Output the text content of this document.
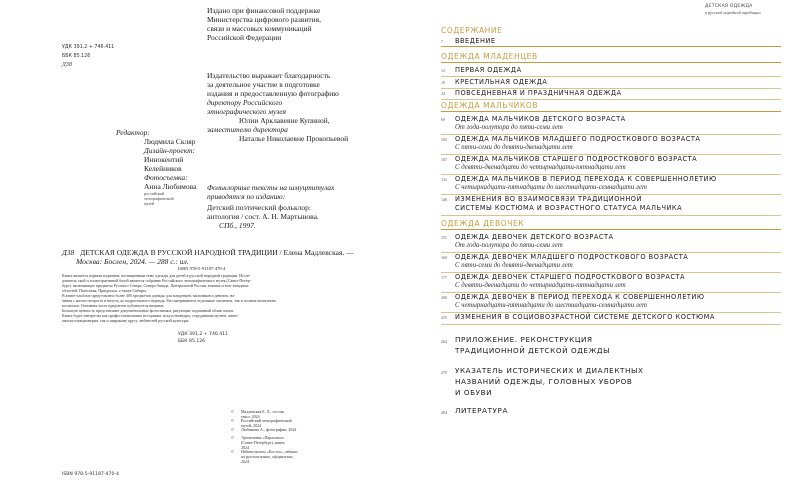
Издано при финансовой поддержке
Министерства цифрового развития,
связи и массовых коммуникаций
Российской Федерации
УДК 391.2 + 746.411
ББК 85.126
Д38
Издательство выражает благодарность
за деятельное участие в подготовке
издания и предоставленную фотографию
директору Российского
этнографического музея
Юлии Арклавевне Купиной,
заместителю директора
Наталье Николаевне Прокопьевой
Редактор:
Людмила Скляр
Дизайн-проект:
Иннокентий Келейников
Фотосъемка:
Анна Любимова
российский
этнографический
музей
Фольклорные тексты на шмуцтитулах
приводятся по изданию:
Детский поэтический фольклор:
антология / сост. А. Н. Мартынова.
СПб., 1997.
Д38 ДЕТСКАЯ ОДЕЖДА В РУССКОЙ НАРОДНОЙ ТРАДИЦИИ / Елена Мадлевская. —
Москва: Бослен, 2024. — 288 с.: ил.
ISBN 978-5-91187-470-4
Книга является первым изданием, посвященным теме одежды для детей в русской народной традиции. Иссле-
дователь ской и иллюстративной базой является собрание Российского этнографического музея (Санкт-Петер-
бург), включающее предметы Русского Севера, Северо-Запада, Центральной России, южных и юго-западных
областей, Поволжья, Приуралья, а также Сибири.
В книге-альбоме представлено более 300 предметов одежды для младенцев, мальчиков и девочек, на-
чиная с малого возраста и вплоть до подросткового периода. Рассматриваются отдельные элементы, так и полные комплекты
костюмов. Основная часть предметов публикуется впервые.
Большую ценность представляют документальные фотоснимки, рисующие подлинный облик эпохи.
Книга будет интересна как профессиональным историкам, искусствоведам, сотрудникам музеев, анато-
мам-коллекционерам, так и широкому кругу любителей русской культуры.
УДК 391.2 + 746.411
ББК 85.126
© Мадлевская Е. Л., состав,
текст, 2024

© Российский этнографический
музей, 2024

© Любимова А., фотографии, 2024
© Эргономика «Паралакса»
(Санкт-Петербург), макет,
2024

© Издательство «Бослен», издание
на русском языке, оформление,
2024
ISBN 978-5-91187-470-4
ДЕТСКАЯ ОДЕЖДА
в русской народной традиции
СОДЕРЖАНИЕ
7 ВВЕДЕНИЕ
ОДЕЖДА МЛАДЕНЦЕВ
12 ПЕРВАЯ ОДЕЖДА
19 КРЕСТИЛЬНАЯ ОДЕЖДА
24 ПОВСЕДНЕВНАЯ И ПРАЗДНИЧНАЯ ОДЕЖДА
ОДЕЖДА МАЛЬЧИКОВ
69 ОДЕЖДА МАЛЬЧИКОВ ДЕТСКОГО ВОЗРАСТА
От года-полутора до пяти-семи лет
102 ОДЕЖДА МАЛЬЧИКОВ МЛАДШЕГО ПОДРОСТКОВОГО ВОЗРАСТА
С пяти-семи до девяти-двенадцати лет
107 ОДЕЖДА МАЛЬЧИКОВ СТАРШЕГО ПОДРОСТКОВОГО ВОЗРАСТА
С девяти-двенадцати до четырнадцати-пятнадцати лет
132 ОДЕЖДА МАЛЬЧИКОВ В ПЕРИОД ПЕРЕХОДА К СОВЕРШЕННОЛЕТИЮ
С четырнадцати-пятнадцати до шестнадцати-семнадцати лет
146 ИЗМЕНЕНИЯ ВО ВЗАИМОСВЯЗИ ТРАДИЦИОННОЙ
СИСТЕМЫ КОСТЮМА И ВОЗРАСТНОГО СТАТУСА МАЛЬЧИКА
ОДЕЖДА ДЕВОЧЕК
151 ОДЕЖДА ДЕВОЧЕК ДЕТСКОГО ВОЗРАСТА
От года-полутора до пяти-семи лет
160 ОДЕЖДА ДЕВОЧЕК МЛАДШЕГО ПОДРОСТКОВОГО ВОЗРАСТА
С пяти-семи до девяти-двенадцати лет
177 ОДЕЖДА ДЕВОЧЕК СТАРШЕГО ПОДРОСТКОВОГО ВОЗРАСТА
С девяти-двенадцати до четырнадцати-пятнадцати лет
200 ОДЕЖДА ДЕВОЧЕК В ПЕРИОД ПЕРЕХОДА К СОВЕРШЕННОЛЕТИЮ
С четырнадцати-пятнадцати до шестнадцати-семнадцати лет
235 ИЗМЕНЕНИЯ В СОЦИОВОЗРАСТНОЙ СИСТЕМЕ ДЕТСКОГО КОСТЮМА
264 ПРИЛОЖЕНИЕ. РЕКОНСТРУКЦИЯ
ТРАДИЦИОННОЙ ДЕТСКОЙ ОДЕЖДЫ
279 УКАЗАТЕЛЬ ИСТОРИЧЕСКИХ И ДИАЛЕКТНЫХ
НАЗВАНИЙ ОДЕЖДЫ, ГОЛОВНЫХ УБОРОВ
И ОБУВИ
284 ЛИТЕРАТУРА
